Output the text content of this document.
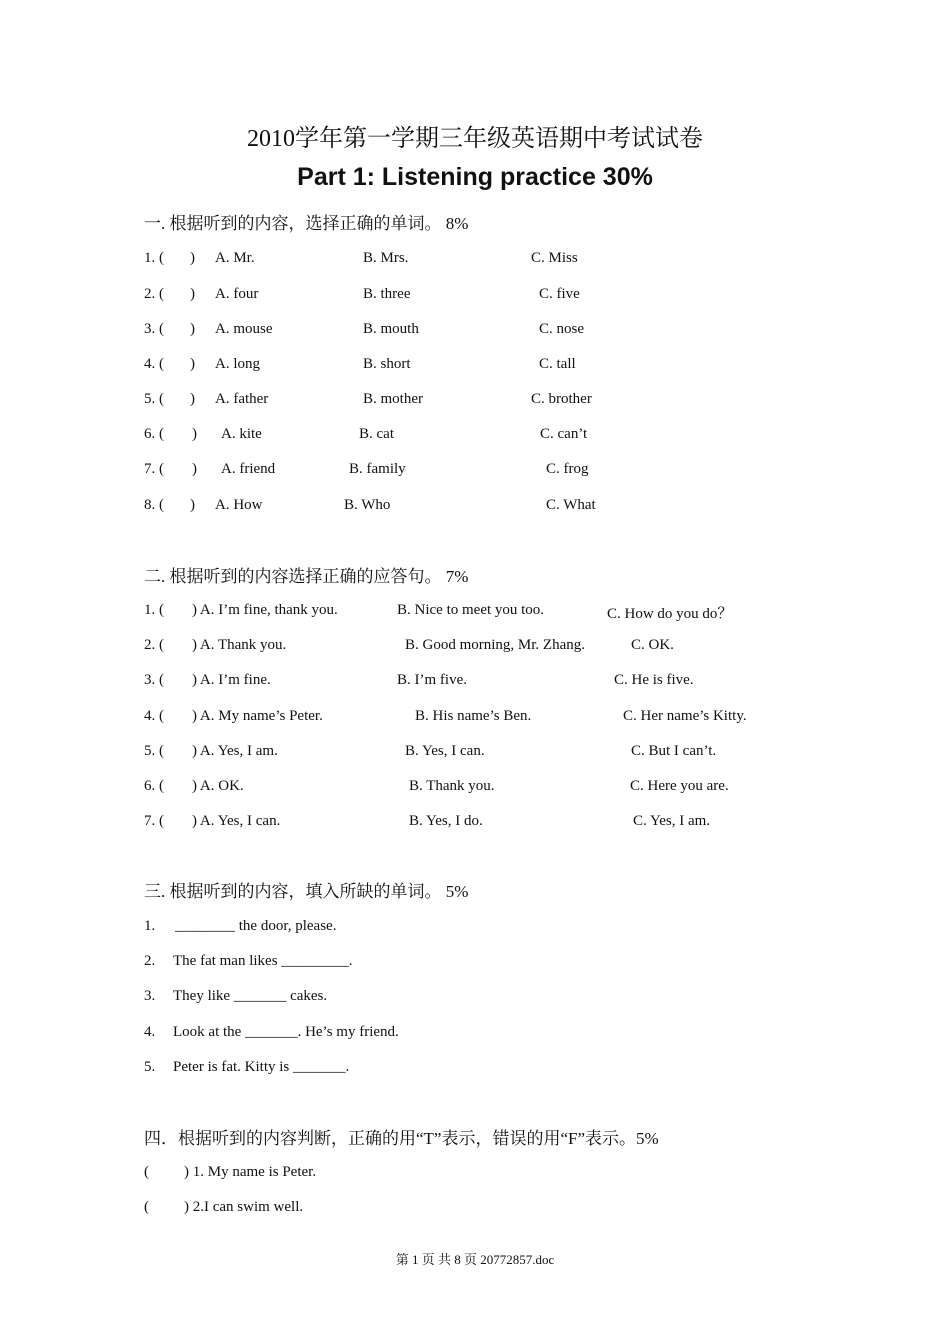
2010学年第一学期三年级英语期中考试试卷
Part 1: Listening practice 30%
一. 根据听到的内容，选择正确的单词。 8%
1. ( ) A. Mr.	B. Mrs.	C. Miss
2. ( ) A. four	B. three	C. five
3. ( ) A. mouse	B. mouth	C. nose
4. ( ) A. long	B. short	C. tall
5. ( ) A. father	B. mother	C. brother
6. ( ) A. kite	B. cat	C. can’t
7. ( ) A. friend	B. family	C. frog
8. ( ) A. How	B. Who	C. What
二. 根据听到的内容选择正确的应答句。 7%
1. ( ) A. I’m fine, thank you.	B. Nice to meet you too.	C. How do you do？
2. ( ) A. Thank you.	B. Good morning, Mr. Zhang.	C. OK.
3. ( ) A. I’m fine.	B. I’m five.	C. He is five.
4. ( ) A. My name’s Peter.	B. His name’s Ben.	C. Her name’s Kitty.
5. ( ) A. Yes, I am.	B. Yes, I can.	C. But I can’t.
6. ( ) A. OK.	B. Thank you.	C. Here you are.
7. ( ) A. Yes, I can.	B. Yes, I do.	C. Yes, I am.
三. 根据听到的内容，填入所缺的单词。 5%
1. ________ the door, please.
2. The fat man likes _________.
3. They like _______ cakes.
4. Look at the _______. He’s my friend.
5. Peter is fat. Kitty is _______.
四．根据听到的内容判断，正确的用“T”表示，错误的用“F”表示。5%
( ) 1. My name is Peter.
( ) 2.I can swim well.
第 1 页 共 8 页 20772857.doc
